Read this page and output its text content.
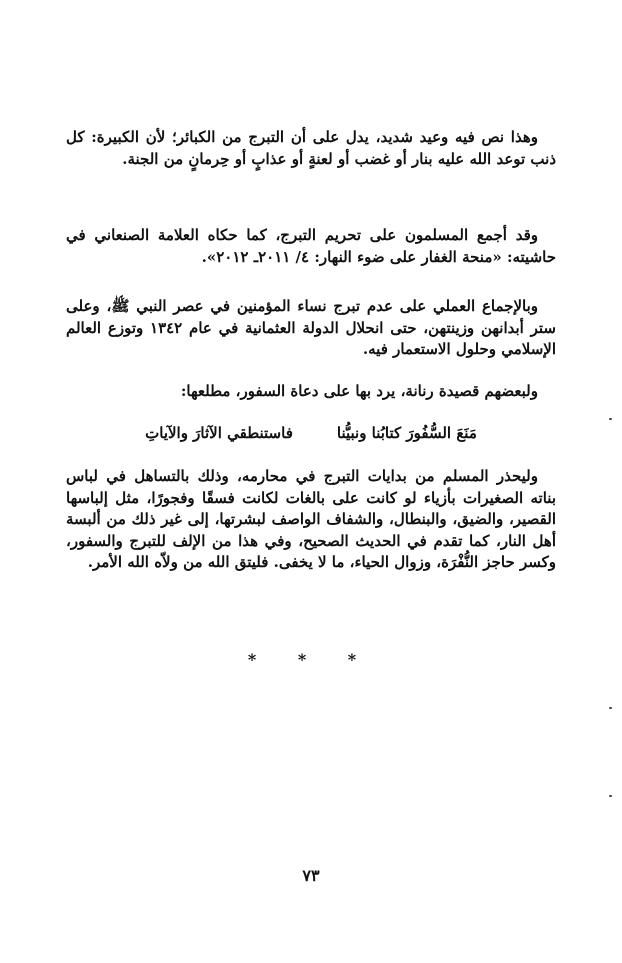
وهذا نص فيه وعيد شديد، يدل على أن التبرج من الكبائر؛ لأن الكبيرة: كل ذنب توعد الله عليه بنار أو غضب أو لعنةٍ أو عذابٍ أو حِرمانٍ من الجنة.

وقد أجمع المسلمون على تحريم التبرج، كما حكاه العلامة الصنعاني في حاشيته: «منحة الغفار على ضوء النهار: ٤/ ٢٠١١ـ ٢٠١٢».

وبالإجماع العملي على عدم تبرج نساء المؤمنين في عصر النبي ﷺ، وعلى ستر أبدانهن وزينتهن، حتى انحلال الدولة العثمانية في عام ١٣٤٢ وتوزع العالم الإسلامي وحلول الاستعمار فيه.

ولبعضهم قصيدة رنانة، يرد بها على دعاة السفور، مطلعها:

مَنَعَ السُّفُورَ كتابُنا ونبيُّنا
فاستنطقي الآثارَ والآياتِ

وليحذر المسلم من بدايات التبرج في محارمه، وذلك بالتساهل في لباس بناته الصغيرات بأزياء لو كانت على بالغات لكانت فسقًا وفجورًا، مثل إلباسها القصير، والضيق، والبنطال، والشفاف الواصف لبشرتها، إلى غير ذلك من ألبسة أهل النار، كما تقدم في الحديث الصحيح، وفي هذا من الإلف للتبرج والسفور، وكسر حاجز النُّفْرَة، وزوال الحياء، ما لا يخفى. فليتق الله من ولاّه الله الأمر.

* * *
٧٣
